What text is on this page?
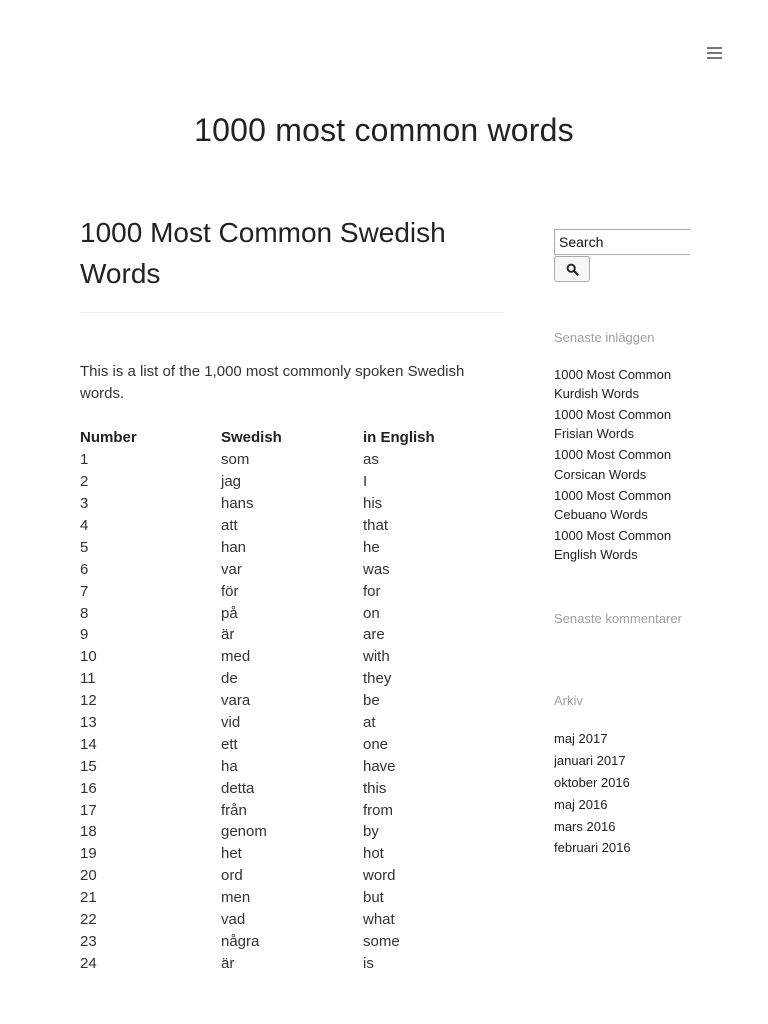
1000 most common words
1000 Most Common Swedish Words

This is a list of the 1,000 most commonly spoken Swedish words.

Number	Swedish	in English
1	som	as
2	jag	I
3	hans	his
4	att	that
5	han	he
6	var	was
7	för	for
8	på	on
9	är	are
10	med	with
11	de	they
12	vara	be
13	vid	at
14	ett	one
15	ha	have
16	detta	this
17	från	from
18	genom	by
19	het	hot
20	ord	word
21	men	but
22	vad	what
23	några	some
24	är	is
Search
Senaste inläggen
1000 Most Common Kurdish Words
1000 Most Common Frisian Words
1000 Most Common Corsican Words
1000 Most Common Cebuano Words
1000 Most Common English Words
Senaste kommentarer
Arkiv
maj 2017
januari 2017
oktober 2016
maj 2016
mars 2016
februari 2016
